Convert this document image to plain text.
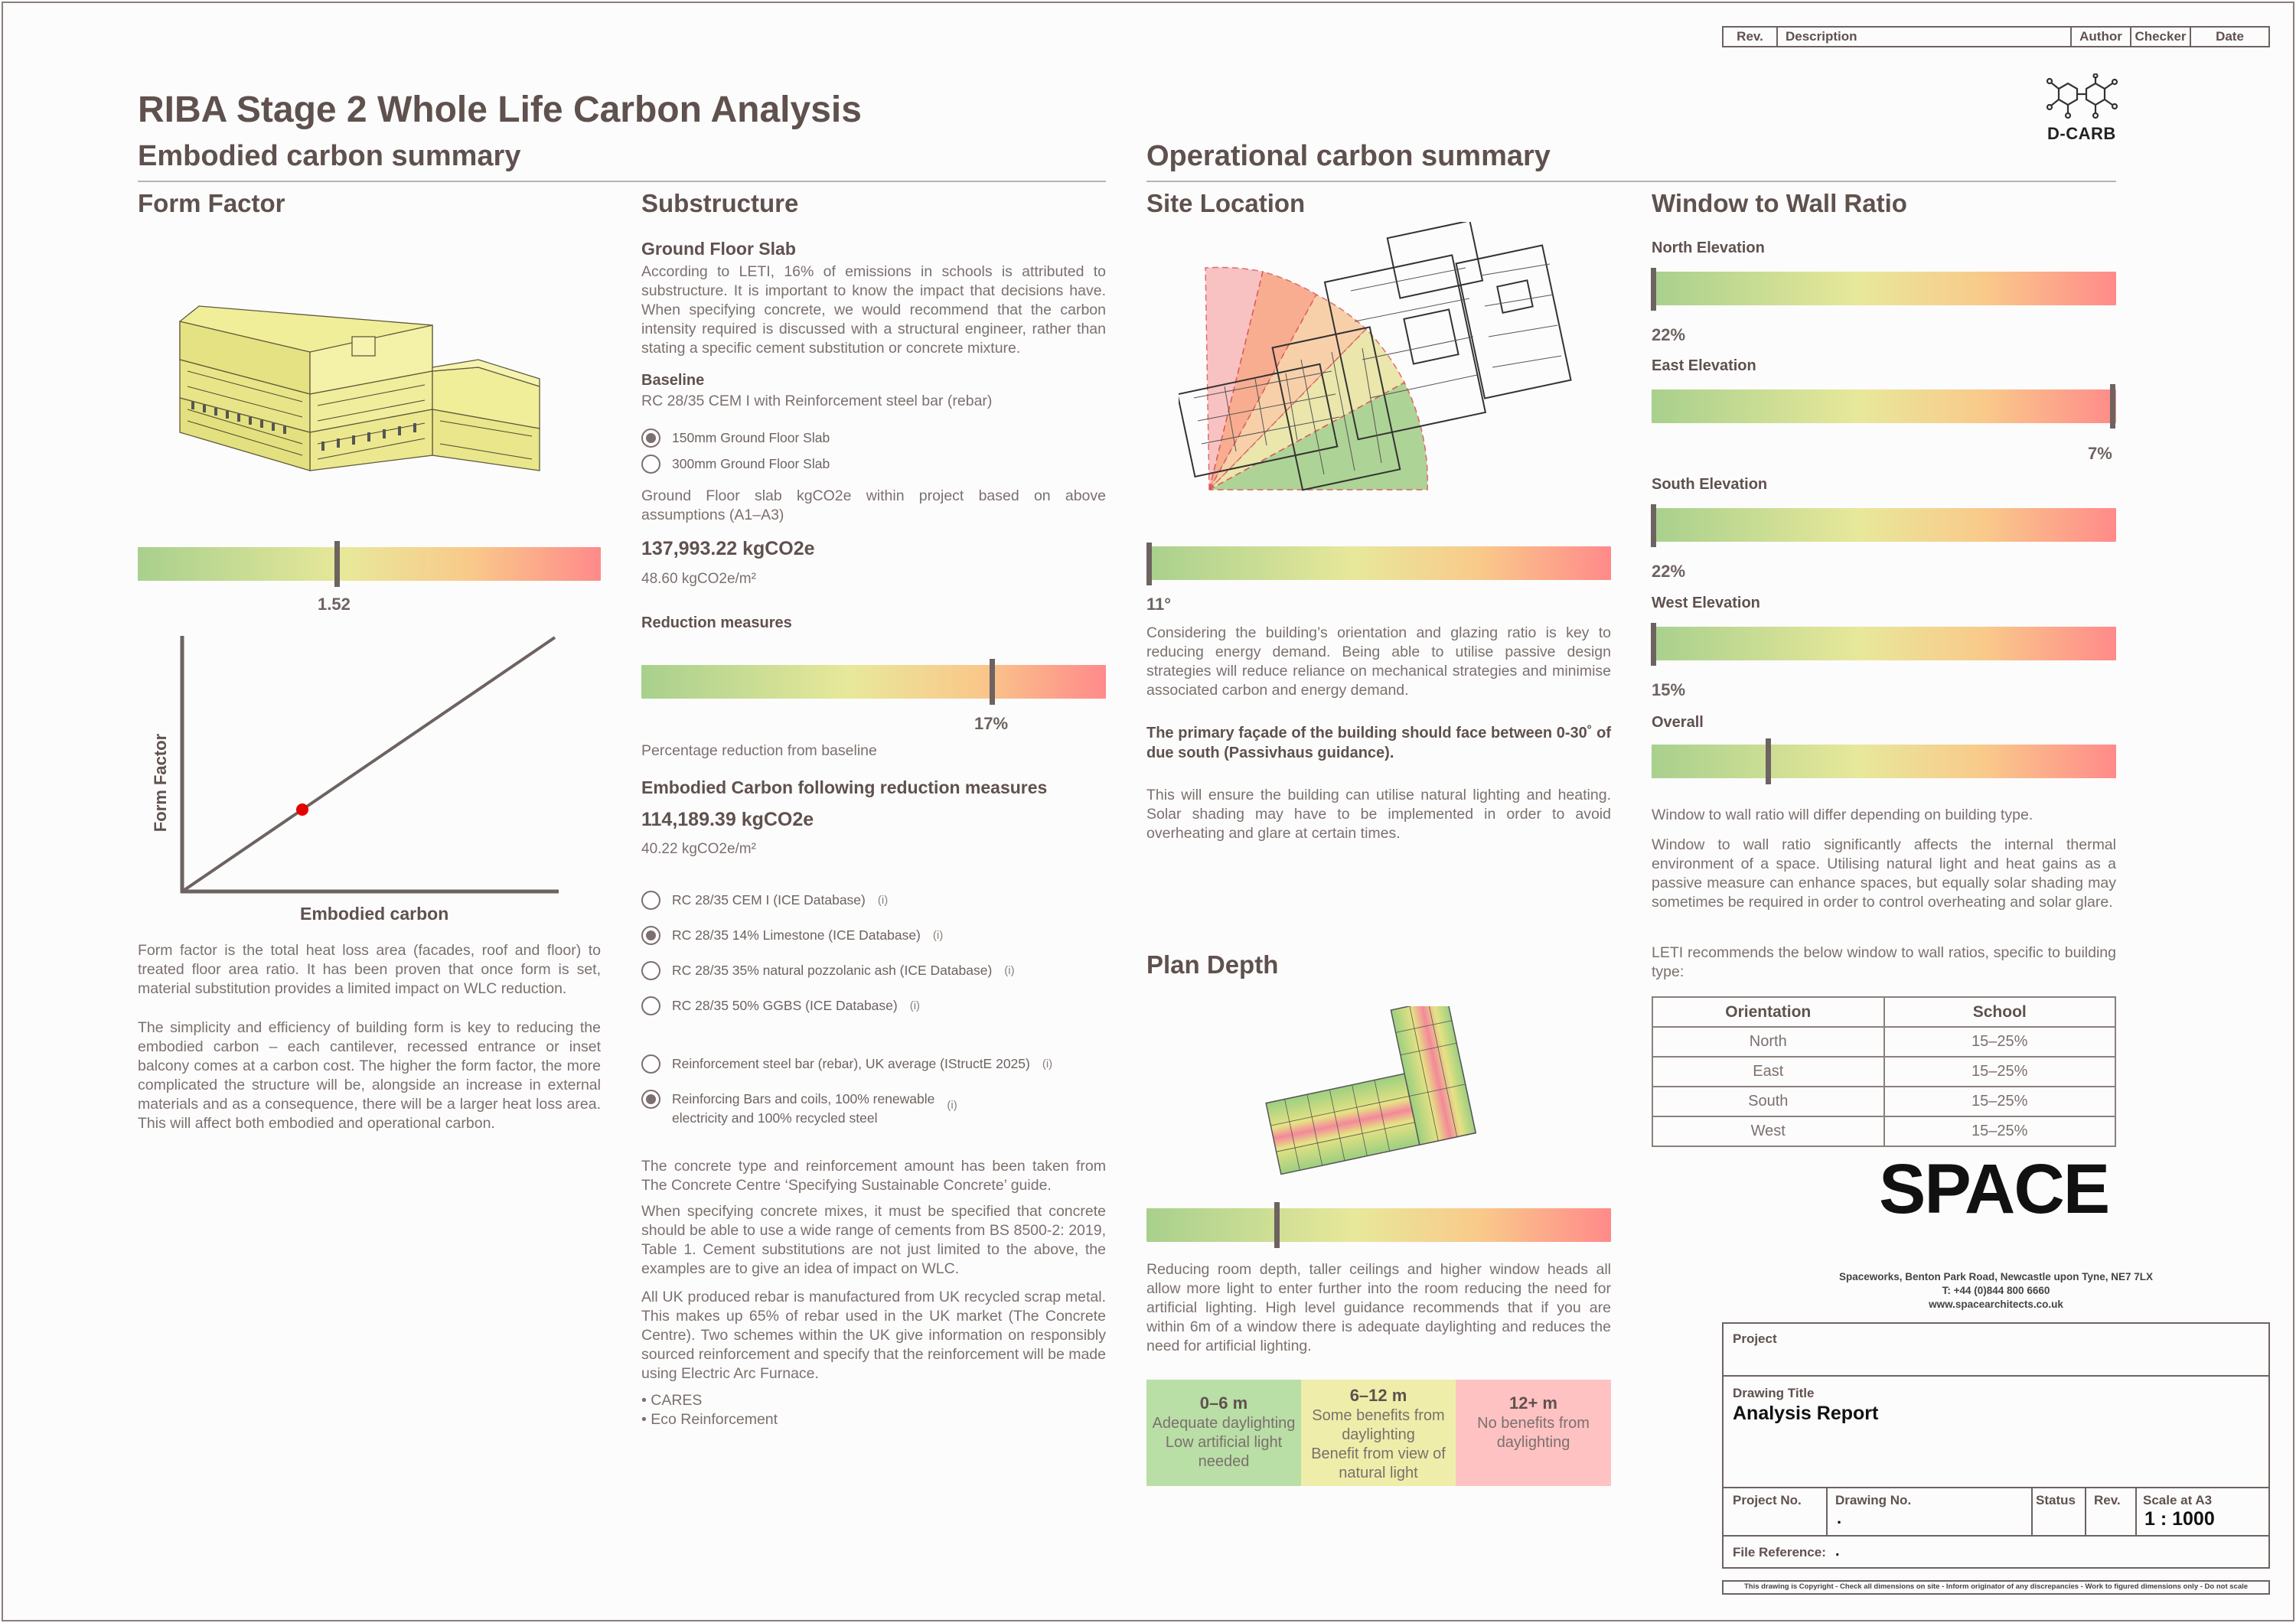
Rev.	Description	Author Checker	Date
D-CARB
RIBA Stage 2 Whole Life Carbon Analysis
Embodied carbon summary	Operational carbon summary
Form Factor
1.52
Form Factor
Embodied carbon
Form factor is the total heat loss area (facades, roof and floor) to treated floor area ratio. It has been proven that once form is set, material substitution provides a limited impact on WLC reduction.
The simplicity and efficiency of building form is key to reducing the embodied carbon – each cantilever, recessed entrance or inset balcony comes at a carbon cost. The higher the form factor, the more complicated the structure will be, alongside an increase in external materials and as a consequence, there will be a larger heat loss area. This will affect both embodied and operational carbon.
Substructure
Ground Floor Slab
According to LETI, 16% of emissions in schools is attributed to substructure. It is important to know the impact that decisions have. When specifying concrete, we would recommend that the carbon intensity required is discussed with a structural engineer, rather than stating a specific cement substitution or concrete mixture.
Baseline
RC 28/35 CEM I with Reinforcement steel bar (rebar)
150mm Ground Floor Slab
300mm Ground Floor Slab
Ground Floor slab kgCO2e within project based on above assumptions (A1–A3)
137,993.22 kgCO2e
48.60 kgCO2e/m²
Reduction measures
17%
Percentage reduction from baseline
Embodied Carbon following reduction measures
114,189.39 kgCO2e
40.22 kgCO2e/m²
RC 28/35 CEM I (ICE Database) (i)
RC 28/35 14% Limestone (ICE Database) (i)
RC 28/35 35% natural pozzolanic ash (ICE Database) (i)
RC 28/35 50% GGBS (ICE Database) (i)
Reinforcement steel bar (rebar), UK average (IStructE 2025) (i)
Reinforcing Bars and coils, 100% renewable
electricity and 100% recycled steel
(i)
The concrete type and reinforcement amount has been taken from The Concrete Centre ‘Specifying Sustainable Concrete’ guide.
When specifying concrete mixes, it must be specified that concrete should be able to use a wide range of cements from BS 8500-2: 2019, Table 1. Cement substitutions are not just limited to the above, the examples are to give an idea of impact on WLC.
All UK produced rebar is manufactured from UK recycled scrap metal. This makes up 65% of rebar used in the UK market (The Concrete Centre). Two schemes within the UK give information on responsibly sourced reinforcement and specify that the reinforcement will be made using Electric Arc Furnace.
• CARES
• Eco Reinforcement
Site Location
11°
Considering the building’s orientation and glazing ratio is key to reducing energy demand. Being able to utilise passive design strategies will reduce reliance on mechanical strategies and minimise associated carbon and energy demand.
The primary façade of the building should face between 0-30˚ of due south (Passivhaus guidance).
This will ensure the building can utilise natural lighting and heating. Solar shading may have to be implemented in order to avoid overheating and glare at certain times.
Plan Depth
Reducing room depth, taller ceilings and higher window heads all allow more light to enter further into the room reducing the need for artificial lighting. High level guidance recommends that if you are within 6m of a window there is adequate daylighting and reduces the need for artificial lighting.
0–6 m
Adequate daylighting
Low artificial light
needed
6–12 m
Some benefits from
daylighting
Benefit from view of
natural light
12+ m
No benefits from
daylighting
Window to Wall Ratio
North Elevation
22%
East Elevation
7%
South Elevation
22%
West Elevation
15%
Overall
Window to wall ratio will differ depending on building type.
Window to wall ratio significantly affects the internal thermal environment of a space. Utilising natural light and heat gains as a passive measure can enhance spaces, but equally solar shading may sometimes be required in order to control overheating and solar glare.
LETI recommends the below window to wall ratios, specific to building type:
Orientation	School
North	15–25%
East	15–25%
South	15–25%
West	15–25%
SPACE
Spaceworks, Benton Park Road, Newcastle upon Tyne, NE7 7LX
T: +44 (0)844 800 6660
www.spacearchitects.co.uk
Project
Drawing Title
Analysis Report
Project No.	Drawing No.
.
Status Rev. Scale at A3
1 : 1000
File Reference: .
This drawing is Copyright - Check all dimensions on site - Inform originator of any discrepancies - Work to figured dimensions only - Do not scale
